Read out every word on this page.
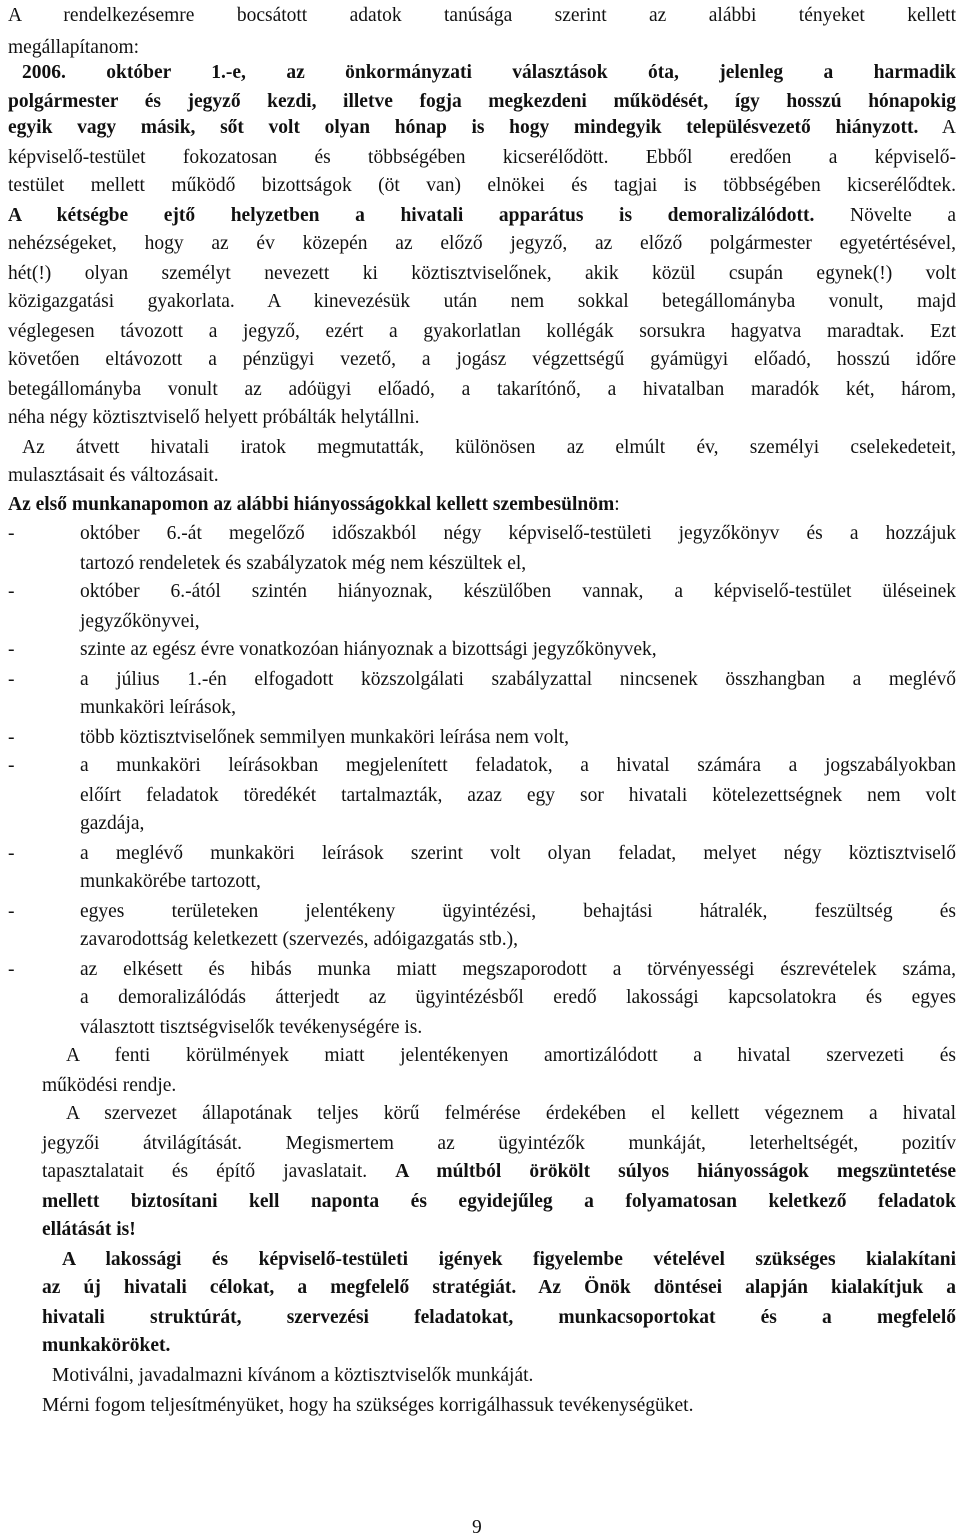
A rendelkezésemre bocsátott adatok tanúsága szerint az alábbi tényeket kellett
megállapítanom:
2006. október 1.-e, az önkormányzati választások óta, jelenleg a harmadik
polgármester és jegyző kezdi, illetve fogja megkezdeni működését, így hosszú hónapokig
egyik vagy másik, sőt volt olyan hónap is hogy mindegyik településvezető hiányzott. A
képviselő-testület fokozatosan és többségében kicserélődött. Ebből eredően a képviselő-
testület mellett működő bizottságok (öt van) elnökei és tagjai is többségében kicserélődtek.
A kétségbe ejtő helyzetben a hivatali apparátus is demoralizálódott. Növelte a
nehézségeket, hogy az év közepén az előző jegyző, az előző polgármester egyetértésével,
hét(!) olyan személyt nevezett ki köztisztviselőnek, akik közül csupán egynek(!) volt
közigazgatási gyakorlata. A kinevezésük után nem sokkal betegállományba vonult, majd
véglegesen távozott a jegyző, ezért a gyakorlatlan kollégák sorsukra hagyatva maradtak. Ezt
követően eltávozott a pénzügyi vezető, a jogász végzettségű gyámügyi előadó, hosszú időre
betegállományba vonult az adóügyi előadó, a takarítónő, a hivatalban maradók két, három,
néha négy köztisztviselő helyett próbálták helytállni.
Az átvett hivatali iratok megmutatták, különösen az elmúlt év, személyi cselekedeteit,
mulasztásait és változásait.
Az első munkanapomon az alábbi hiányosságokkal kellett szembesülnöm:
-	október 6.-át megelőző időszakból négy képviselő-testületi jegyzőkönyv és a hozzájuk
tartozó rendeletek és szabályzatok még nem készültek el,
-	október 6.-ától szintén hiányoznak, készülőben vannak, a képviselő-testület üléseinek
jegyzőkönyvei,
-	szinte az egész évre vonatkozóan hiányoznak a bizottsági jegyzőkönyvek,
-	a július 1.-én elfogadott közszolgálati szabályzattal nincsenek összhangban a meglévő
munkaköri leírások,
-	több köztisztviselőnek semmilyen munkaköri leírása nem volt,
-	a munkaköri leírásokban megjelenített feladatok, a hivatal számára a jogszabályokban
előírt feladatok töredékét tartalmazták, azaz egy sor hivatali kötelezettségnek nem volt
gazdája,
-	a meglévő munkaköri leírások szerint volt olyan feladat, melyet négy köztisztviselő
munkakörébe tartozott,
-	egyes területeken jelentékeny ügyintézési, behajtási hátralék, feszültség és
zavarodottság keletkezett (szervezés, adóigazgatás stb.),
-	az elkésett és hibás munka miatt megszaporodott a törvényességi észrevételek száma,
a demoralizálódás átterjedt az ügyintézésből eredő lakossági kapcsolatokra és egyes
választott tisztségviselők tevékenységére is.
A fenti körülmények miatt jelentékenyen amortizálódott a hivatal szervezeti és
működési rendje.
A szervezet állapotának teljes körű felmérése érdekében el kellett végeznem a hivatal
jegyzői átvilágítását. Megismertem az ügyintézők munkáját, leterheltségét, pozitív
tapasztalatait és építő javaslatait. A múltból örökölt súlyos hiányosságok megszüntetése
mellett biztosítani kell naponta és egyidejűleg a folyamatosan keletkező feladatok
ellátását is!
A lakossági és képviselő-testületi igények figyelembe vételével szükséges kialakítani
az új hivatali célokat, a megfelelő stratégiát. Az Önök döntései alapján kialakítjuk a
hivatali struktúrát, szervezési feladatokat, munkacsoportokat és a megfelelő
munkaköröket.
Motiválni, javadalmazni kívánom a köztisztviselők munkáját.
Mérni fogom teljesítményüket, hogy ha szükséges korrigálhassuk tevékenységüket.
9
